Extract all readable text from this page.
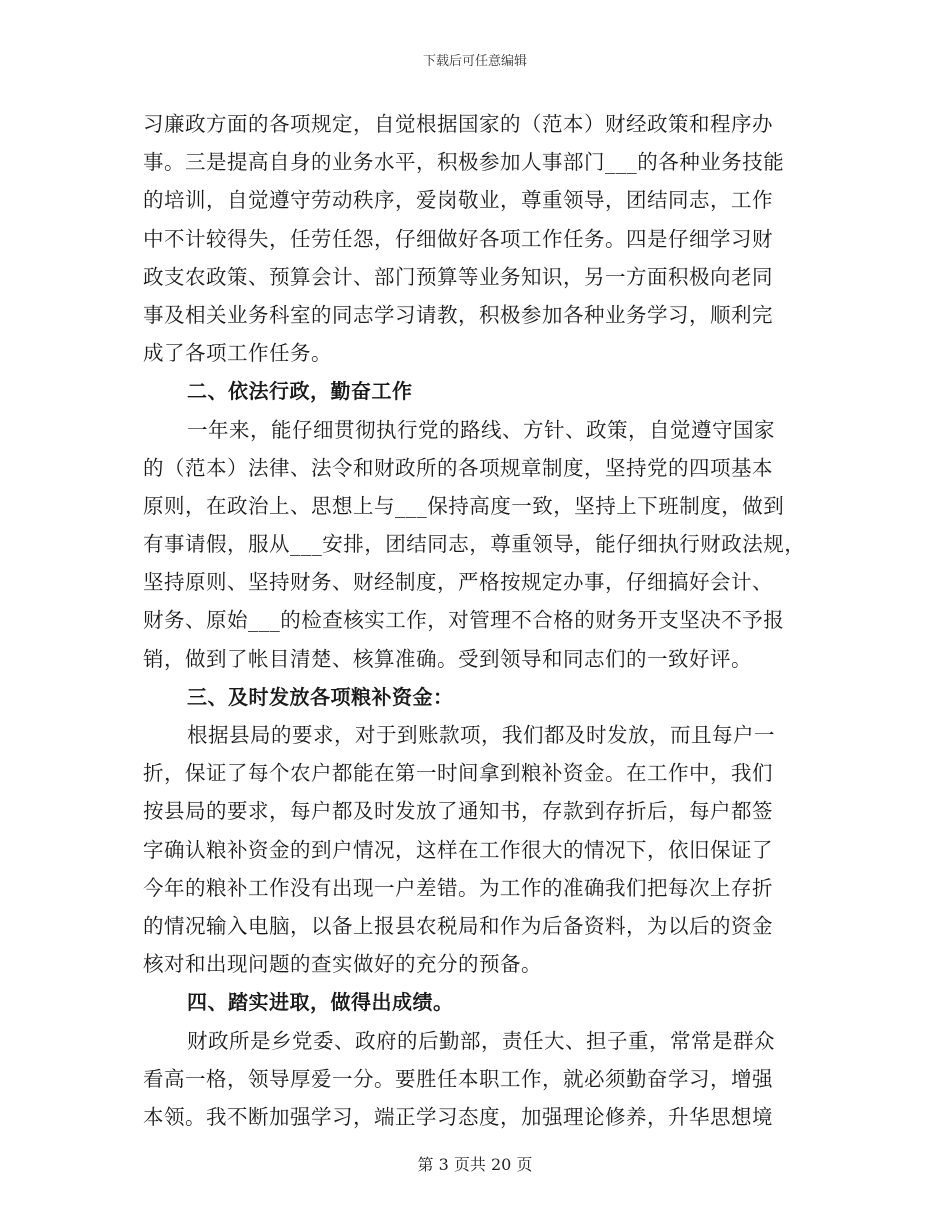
下载后可任意编辑
习廉政方面的各项规定，自觉根据国家的（范本）财经政策和程序办
事。三是提高自身的业务水平，积极参加人事部门___的各种业务技能
的培训，自觉遵守劳动秩序，爱岗敬业，尊重领导，团结同志，工作
中不计较得失，任劳任怨，仔细做好各项工作任务。四是仔细学习财
政支农政策、预算会计、部门预算等业务知识，另一方面积极向老同
事及相关业务科室的同志学习请教，积极参加各种业务学习，顺利完
成了各项工作任务。
二、依法行政，勤奋工作
一年来，能仔细贯彻执行党的路线、方针、政策，自觉遵守国家
的（范本）法律、法令和财政所的各项规章制度，坚持党的四项基本
原则，在政治上、思想上与___保持高度一致，坚持上下班制度，做到
有事请假，服从___安排，团结同志，尊重领导，能仔细执行财政法规，
坚持原则、坚持财务、财经制度，严格按规定办事，仔细搞好会计、
财务、原始___的检查核实工作，对管理不合格的财务开支坚决不予报
销，做到了帐目清楚、核算准确。受到领导和同志们的一致好评。
三、及时发放各项粮补资金：
根据县局的要求，对于到账款项，我们都及时发放，而且每户一
折，保证了每个农户都能在第一时间拿到粮补资金。在工作中，我们
按县局的要求，每户都及时发放了通知书，存款到存折后，每户都签
字确认粮补资金的到户情况，这样在工作很大的情况下，依旧保证了
今年的粮补工作没有出现一户差错。为工作的准确我们把每次上存折
的情况输入电脑，以备上报县农税局和作为后备资料，为以后的资金
核对和出现问题的查实做好的充分的预备。
四、踏实进取，做得出成绩。
财政所是乡党委、政府的后勤部，责任大、担子重，常常是群众
看高一格，领导厚爱一分。要胜任本职工作，就必须勤奋学习，增强
本领。我不断加强学习，端正学习态度，加强理论修养，升华思想境
第 3 页共 20 页
